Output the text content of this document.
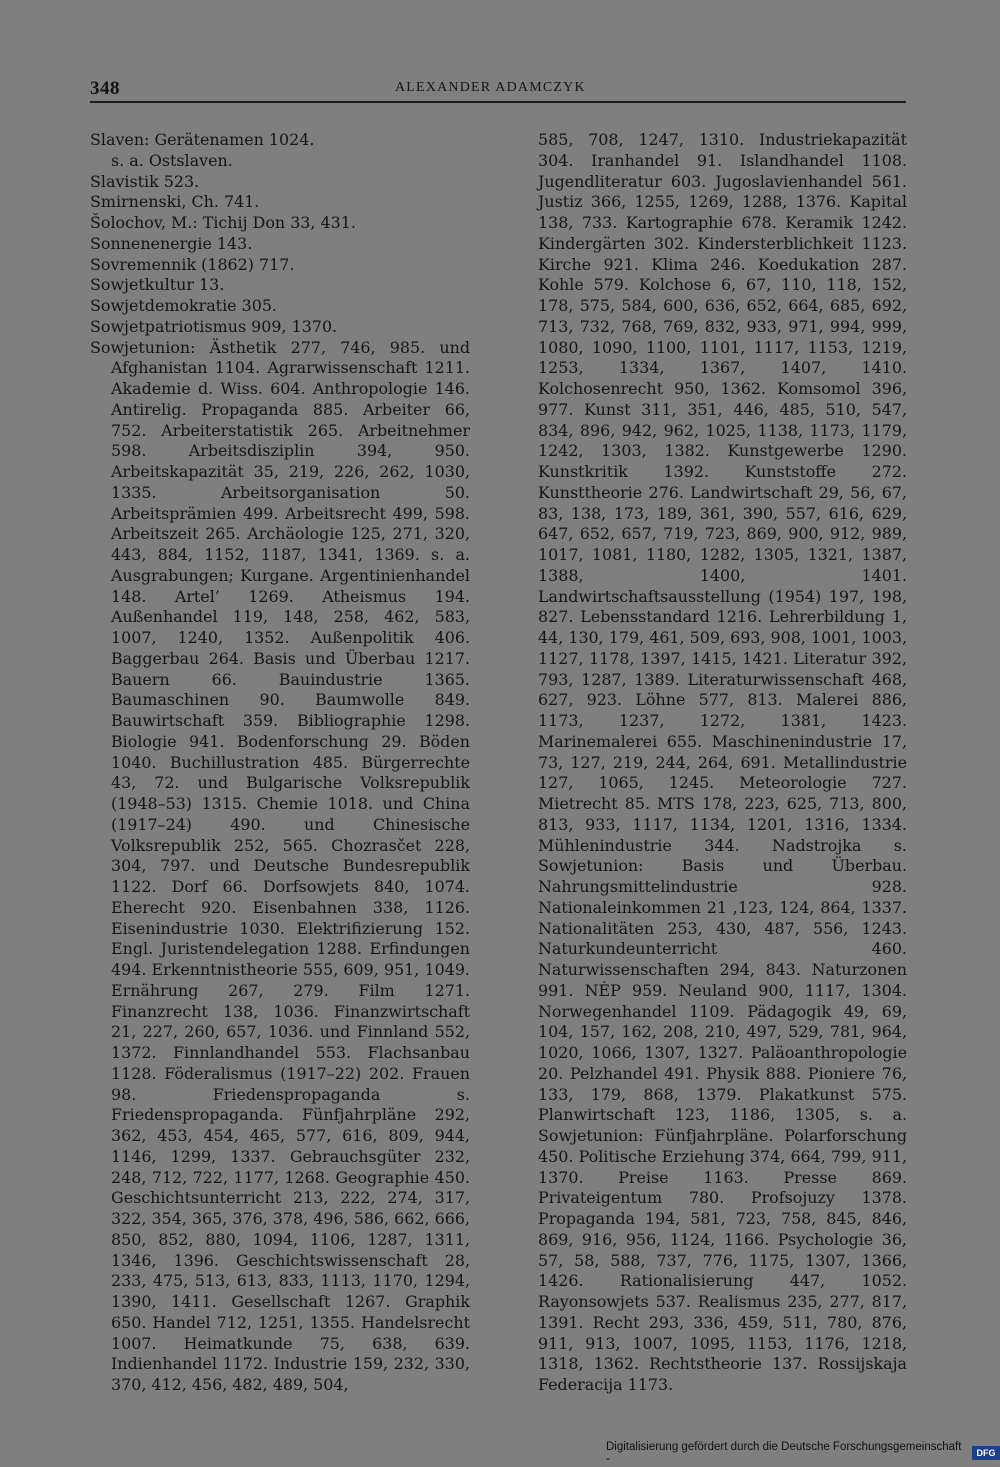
348	ALEXANDER ADAMCZYK

Slaven: Gerätenamen 1024.

s. a. Ostslaven.

Slavistik 523.

Smirnenski, Ch. 741.

Šolochov, M.: Tichij Don 33, 431.

Sonnenenergie 143.

Sovremennik (1862) 717.

Sowjetkultur 13.

Sowjetdemokratie 305.

Sowjetpatriotismus 909, 1370.

Sowjetunion: Ästhetik 277, 746, 985. und Afghanistan 1104. Agrarwissenschaft 1211. Akademie d. Wiss. 604. Anthropologie 146. Antirelig. Propaganda 885. Arbeiter 66, 752. Arbeiterstatistik 265. Arbeitnehmer 598. Arbeitsdisziplin 394, 950. Arbeitskapazität 35, 219, 226, 262, 1030, 1335. Arbeitsorganisation 50. Arbeitsprämien 499. Arbeitsrecht 499, 598. Arbeitszeit 265. Archäologie 125, 271, 320, 443, 884, 1152, 1187, 1341, 1369. s. a. Ausgrabungen; Kurgane. Argentinienhandel 148. Artel’ 1269. Atheismus 194. Außenhandel 119, 148, 258, 462, 583, 1007, 1240, 1352. Außenpolitik 406. Baggerbau 264. Basis und Überbau 1217. Bauern 66. Bauindustrie 1365. Baumaschinen 90. Baumwolle 849. Bauwirtschaft 359. Bibliographie 1298. Biologie 941. Bodenforschung 29. Böden 1040. Buchillustration 485. Bürgerrechte 43, 72. und Bulgarische Volksrepublik (1948–53) 1315. Chemie 1018. und China (1917–24) 490. und Chinesische Volksrepublik 252, 565. Chozrasčet 228, 304, 797. und Deutsche Bundesrepublik 1122. Dorf 66. Dorfsowjets 840, 1074. Eherecht 920. Eisenbahnen 338, 1126. Eisenindustrie 1030. Elektrifizierung 152. Engl. Juristendelegation 1288. Erfindungen 494. Erkenntnistheorie 555, 609, 951, 1049. Ernährung 267, 279. Film 1271. Finanzrecht 138, 1036. Finanzwirtschaft 21, 227, 260, 657, 1036. und Finnland 552, 1372. Finnlandhandel 553. Flachsanbau 1128. Föderalismus (1917–22) 202. Frauen 98. Friedenspropaganda s. Friedenspropaganda. Fünfjahrpläne 292, 362, 453, 454, 465, 577, 616, 809, 944, 1146, 1299, 1337. Gebrauchsgüter 232, 248, 712, 722, 1177, 1268. Geographie 450. Geschichtsunterricht 213, 222, 274, 317, 322, 354, 365, 376, 378, 496, 586, 662, 666, 850, 852, 880, 1094, 1106, 1287, 1311, 1346, 1396. Geschichtswissenschaft 28, 233, 475, 513, 613, 833, 1113, 1170, 1294, 1390, 1411. Gesellschaft 1267. Graphik 650. Handel 712, 1251, 1355. Handelsrecht 1007. Heimatkunde 75, 638, 639. Indienhandel 1172. Industrie 159, 232, 330, 370, 412, 456, 482, 489, 504,

585, 708, 1247, 1310. Industriekapazität 304. Iranhandel 91. Islandhandel 1108. Jugendliteratur 603. Jugoslavienhandel 561. Justiz 366, 1255, 1269, 1288, 1376. Kapital 138, 733. Kartographie 678. Keramik 1242. Kindergärten 302. Kindersterblichkeit 1123. Kirche 921. Klima 246. Koedukation 287. Kohle 579. Kolchose 6, 67, 110, 118, 152, 178, 575, 584, 600, 636, 652, 664, 685, 692, 713, 732, 768, 769, 832, 933, 971, 994, 999, 1080, 1090, 1100, 1101, 1117, 1153, 1219, 1253, 1334, 1367, 1407, 1410. Kolchosenrecht 950, 1362. Komsomol 396, 977. Kunst 311, 351, 446, 485, 510, 547, 834, 896, 942, 962, 1025, 1138, 1173, 1179, 1242, 1303, 1382. Kunstgewerbe 1290. Kunstkritik 1392. Kunststoffe 272. Kunsttheorie 276. Landwirtschaft 29, 56, 67, 83, 138, 173, 189, 361, 390, 557, 616, 629, 647, 652, 657, 719, 723, 869, 900, 912, 989, 1017, 1081, 1180, 1282, 1305, 1321, 1387, 1388, 1400, 1401. Landwirtschaftsausstellung (1954) 197, 198, 827. Lebensstandard 1216. Lehrerbildung 1, 44, 130, 179, 461, 509, 693, 908, 1001, 1003, 1127, 1178, 1397, 1415, 1421. Literatur 392, 793, 1287, 1389. Literaturwissenschaft 468, 627, 923. Löhne 577, 813. Malerei 886, 1173, 1237, 1272, 1381, 1423. Marinemalerei 655. Maschinenindustrie 17, 73, 127, 219, 244, 264, 691. Metallindustrie 127, 1065, 1245. Meteorologie 727. Mietrecht 85. MTS 178, 223, 625, 713, 800, 813, 933, 1117, 1134, 1201, 1316, 1334. Mühlenindustrie 344. Nadstrojka s. Sowjetunion: Basis und Überbau. Nahrungsmittelindustrie 928. Nationaleinkommen 21 ,123, 124, 864, 1337. Nationalitäten 253, 430, 487, 556, 1243. Naturkundeunterricht 460. Naturwissenschaften 294, 843. Naturzonen 991. NĖP 959. Neuland 900, 1117, 1304. Norwegenhandel 1109. Pädagogik 49, 69, 104, 157, 162, 208, 210, 497, 529, 781, 964, 1020, 1066, 1307, 1327. Paläoanthropologie 20. Pelzhandel 491. Physik 888. Pioniere 76, 133, 179, 868, 1379. Plakatkunst 575. Planwirtschaft 123, 1186, 1305, s. a. Sowjetunion: Fünfjahrpläne. Polarforschung 450. Politische Erziehung 374, 664, 799, 911, 1370. Preise 1163. Presse 869. Privateigentum 780. Profsojuzy 1378. Propaganda 194, 581, 723, 758, 845, 846, 869, 916, 956, 1124, 1166. Psychologie 36, 57, 58, 588, 737, 776, 1175, 1307, 1366, 1426. Rationalisierung 447, 1052. Rayonsowjets 537. Realismus 235, 277, 817, 1391. Recht 293, 336, 459, 511, 780, 876, 911, 913, 1007, 1095, 1153, 1176, 1218, 1318, 1362. Rechtstheorie 137. Rossijskaja Federacija 1173.

Digitalisierung gefördert durch die Deutsche Forschungsgemeinschaft -	DFG
